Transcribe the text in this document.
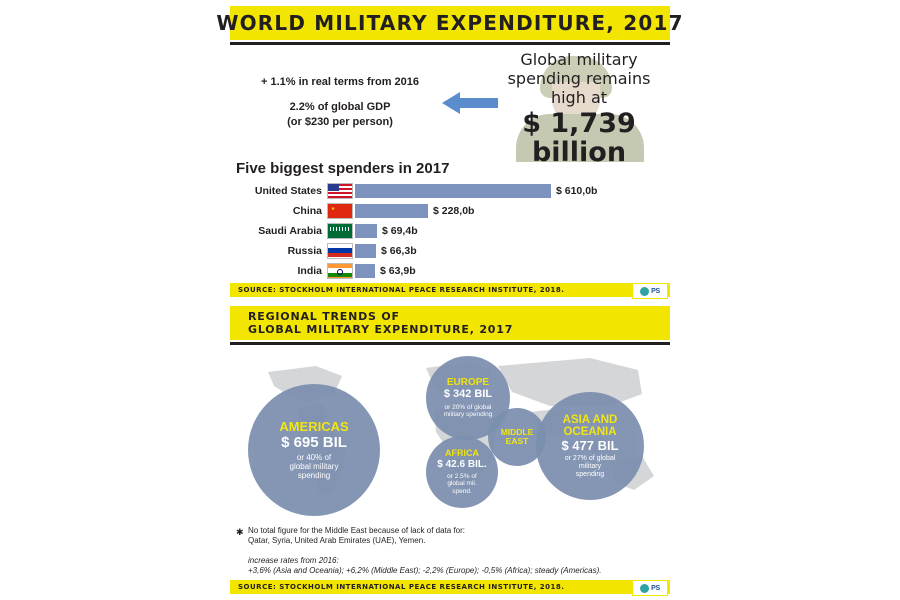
WORLD MILITARY EXPENDITURE, 2017
+ 1.1% in real terms from 2016
2.2% of global GDP
(or $230 per person)
Global military
spending remains
high at
$ 1,739
billion
Five biggest spenders in 2017
United States	$ 610,0b
China	$ 228,0b
Saudi Arabia	$ 69,4b
Russia	$ 66,3b
India	$ 63,9b
SOURCE: STOCKHOLM INTERNATIONAL PEACE RESEARCH INSTITUTE, 2018.	PS
REGIONAL TRENDS OF
GLOBAL MILITARY EXPENDITURE, 2017
AMERICAS
$ 695 BIL
or 40% of
global military
spending
EUROPE
$ 342 BIL
or 20% of global
military spending
AFRICA
$ 42.6 BIL.
or 2.5% of
global mil.
spend.
MIDDLE
EAST
ASIA AND
OCEANIA
$ 477 BIL
or 27% of global
military
spending
✱ No total figure for the Middle East because of lack of data for:
Qatar, Syria, United Arab Emirates (UAE), Yemen.
increase rates from 2016:
+3,6% (Asia and Oceania); +6,2% (Middle East); -2,2% (Europe); -0,5% (Africa); steady (Americas).
SOURCE: STOCKHOLM INTERNATIONAL PEACE RESEARCH INSTITUTE, 2018.	PS
